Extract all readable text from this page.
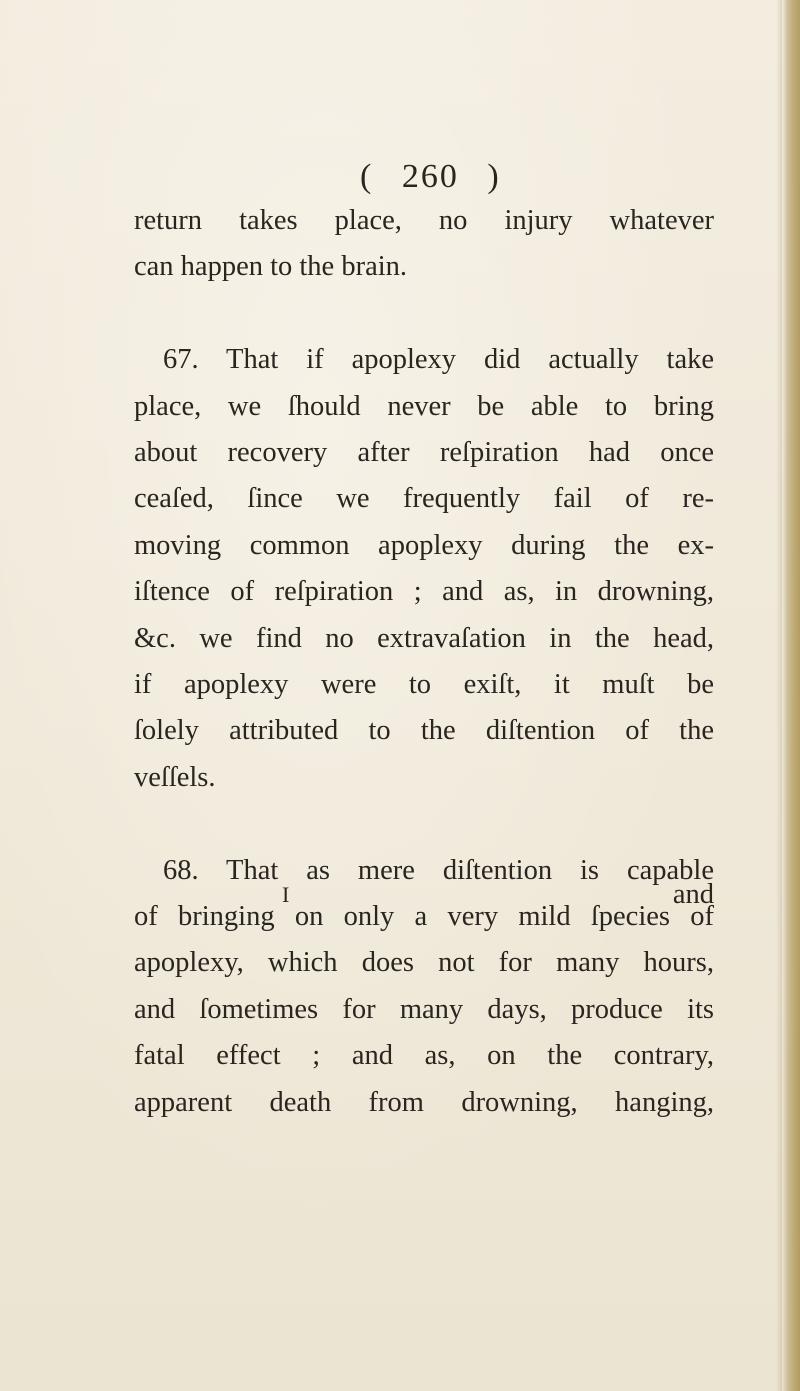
( 260 )
return takes place, no injury whatever
can happen to the brain.
67. That if apoplexy did actually take
place, we ſhould never be able to bring
about recovery after reſpiration had once
ceaſed, ſince we frequently fail of re-
moving common apoplexy during the ex-
iſtence of reſpiration ; and as, in drowning,
&c. we find no extravaſation in the head,
if apoplexy were to exiſt, it muſt be
ſolely attributed to the diſtention of the
veſſels.
68. That as mere diſtention is capable
of bringing on only a very mild ſpecies of
apoplexy, which does not for many hours,
and ſometimes for many days, produce its
fatal effect ; and as, on the contrary,
apparent death from drowning, hanging,
I	and
